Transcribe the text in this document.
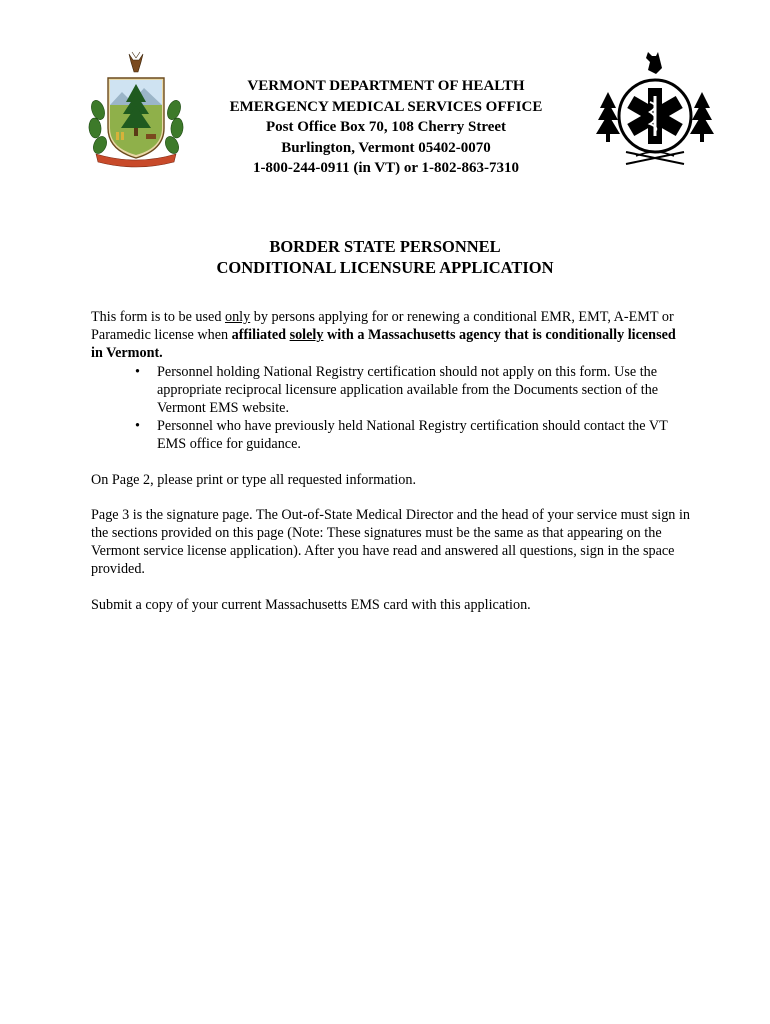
VERMONT DEPARTMENT OF HEALTH
EMERGENCY MEDICAL SERVICES OFFICE
Post Office Box 70, 108 Cherry Street
Burlington, Vermont 05402-0070
1-800-244-0911 (in VT) or 1-802-863-7310
BORDER STATE PERSONNEL
CONDITIONAL LICENSURE APPLICATION

This form is to be used only by persons applying for or renewing a conditional EMR, EMT, A-EMT or Paramedic license when affiliated solely with a Massachusetts agency that is conditionally licensed in Vermont.

• Personnel holding National Registry certification should not apply on this form. Use the appropriate reciprocal licensure application available from the Documents section of the Vermont EMS website.
• Personnel who have previously held National Registry certification should contact the VT EMS office for guidance.

On Page 2, please print or type all requested information.

Page 3 is the signature page. The Out-of-State Medical Director and the head of your service must sign in the sections provided on this page (Note: These signatures must be the same as that appearing on the Vermont service license application). After you have read and answered all questions, sign in the space provided.

Submit a copy of your current Massachusetts EMS card with this application.
